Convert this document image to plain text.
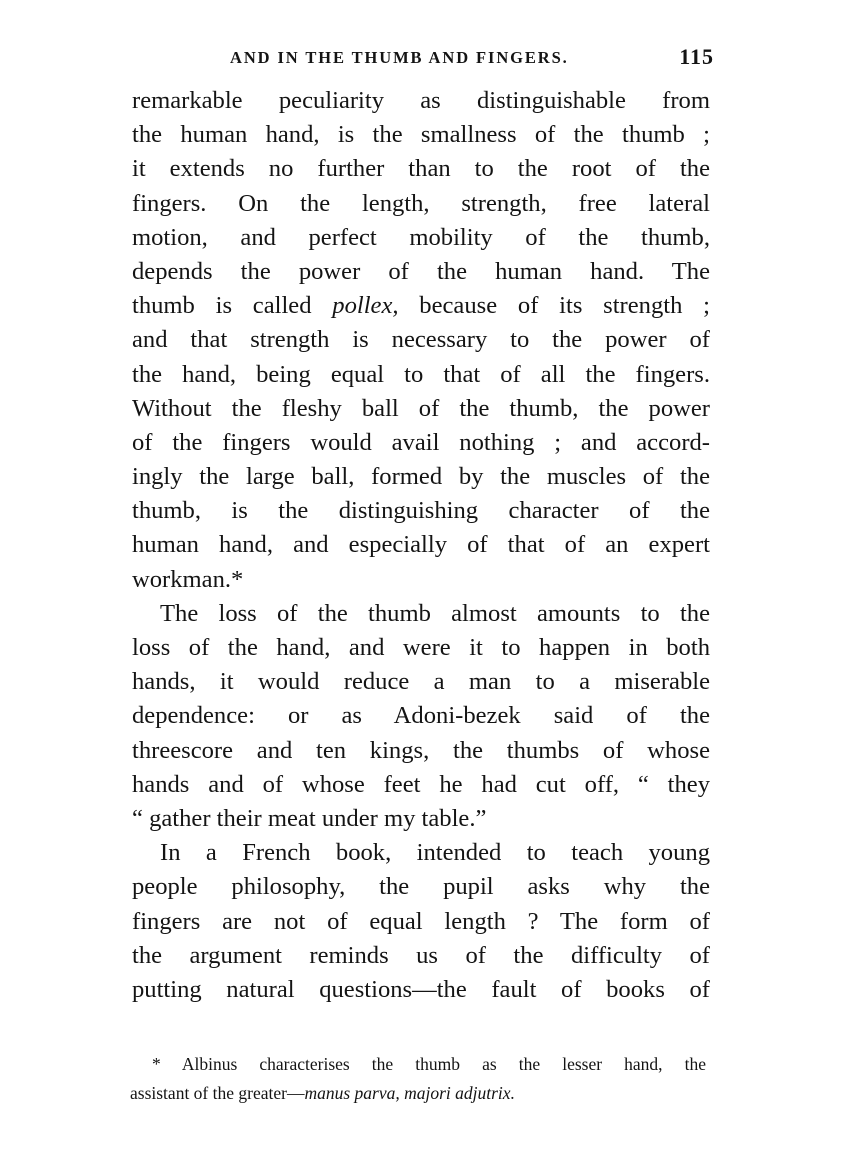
AND IN THE THUMB AND FINGERS.	115
remarkable peculiarity as distinguishable from
the human hand, is the smallness of the thumb ;
it extends no further than to the root of the
fingers. On the length, strength, free lateral
motion, and perfect mobility of the thumb,
depends the power of the human hand. The
thumb is called pollex, because of its strength ;
and that strength is necessary to the power of
the hand, being equal to that of all the fingers.
Without the fleshy ball of the thumb, the power
of the fingers would avail nothing ; and accord-
ingly the large ball, formed by the muscles of the
thumb, is the distinguishing character of the
human hand, and especially of that of an expert
workman.*
The loss of the thumb almost amounts to the
loss of the hand, and were it to happen in both
hands, it would reduce a man to a miserable
dependence: or as Adoni-bezek said of the
threescore and ten kings, the thumbs of whose
hands and of whose feet he had cut off, “ they
“ gather their meat under my table.”
In a French book, intended to teach young
people philosophy, the pupil asks why the
fingers are not of equal length ? The form of
the argument reminds us of the difficulty of
putting natural questions—the fault of books of
* Albinus characterises the thumb as the lesser hand, the
assistant of the greater—manus parva, majori adjutrix.
